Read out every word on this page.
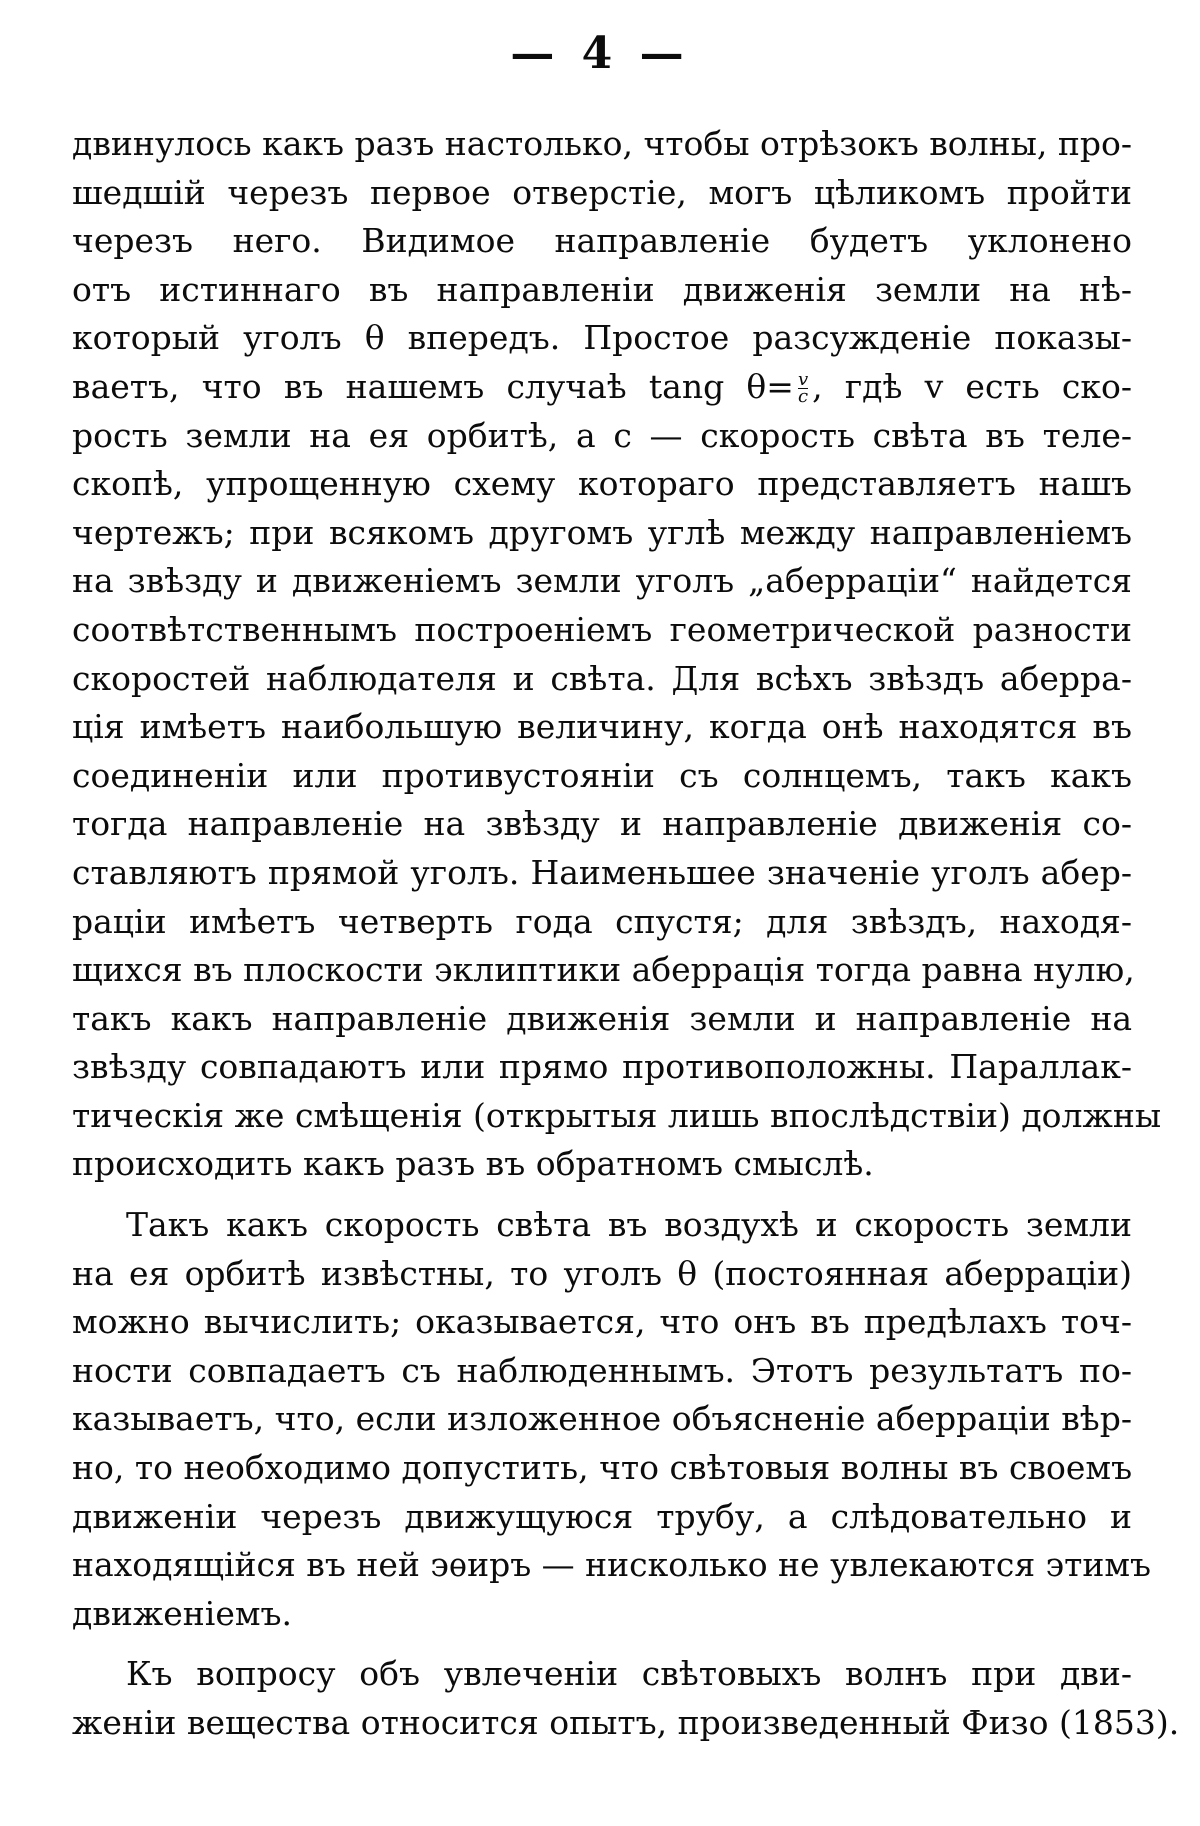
— 4 —
двинулось какъ разъ настолько, чтобы отрѣзокъ волны, про-
шедшій черезъ первое отверстіе, могъ цѣликомъ пройти
черезъ него. Видимое направленіе будетъ уклонено
отъ истиннаго въ направленіи движенія земли на нѣ-
который уголъ θ впередъ. Простое разсужденіе показы-
ваетъ, что въ нашемъ случаѣ tang $\theta= \frac{v}{c}$ , гдѣ v есть ско-
рость земли на ея орбитѣ, а c — скорость свѣта въ теле-
скопѣ, упрощенную схему котораго представляетъ нашъ
чертежъ; при всякомъ другомъ углѣ между направленіемъ
на звѣзду и движеніемъ земли уголъ „аберраціи“ найдется
соотвѣтственнымъ построеніемъ геометрической разности
скоростей наблюдателя и свѣта. Для всѣхъ звѣздъ аберра-
ція имѣетъ наибольшую величину, когда онѣ находятся въ
соединеніи или противустояніи съ солнцемъ, такъ какъ
тогда направленіе на звѣзду и направленіе движенія со-
ставляютъ прямой уголъ. Наименьшее значеніе уголъ абер-
раціи имѣетъ четверть года спустя; для звѣздъ, находя-
щихся въ плоскости эклиптики аберрація тогда равна нулю,
такъ какъ направленіе движенія земли и направленіе на
звѣзду совпадаютъ или прямо противоположны. Параллак-
тическія же смѣщенія (открытыя лишь впослѣдствіи) должны
происходить какъ разъ въ обратномъ смыслѣ.
Такъ какъ скорость свѣта въ воздухѣ и скорость земли
на ея орбитѣ извѣстны, то уголъ θ (постоянная аберраціи)
можно вычислить; оказывается, что онъ въ предѣлахъ точ-
ности совпадаетъ съ наблюденнымъ. Этотъ результатъ по-
казываетъ, что, если изложенное объясненіе аберраціи вѣр-
но, то необходимо допустить, что свѣтовыя волны въ своемъ
движеніи черезъ движущуюся трубу, а слѣдовательно и
находящійся въ ней эѳиръ — нисколько не увлекаются этимъ
движеніемъ.
Къ вопросу объ увлеченіи свѣтовыхъ волнъ при дви-
женіи вещества относится опытъ, произведенный Физо (1853).
